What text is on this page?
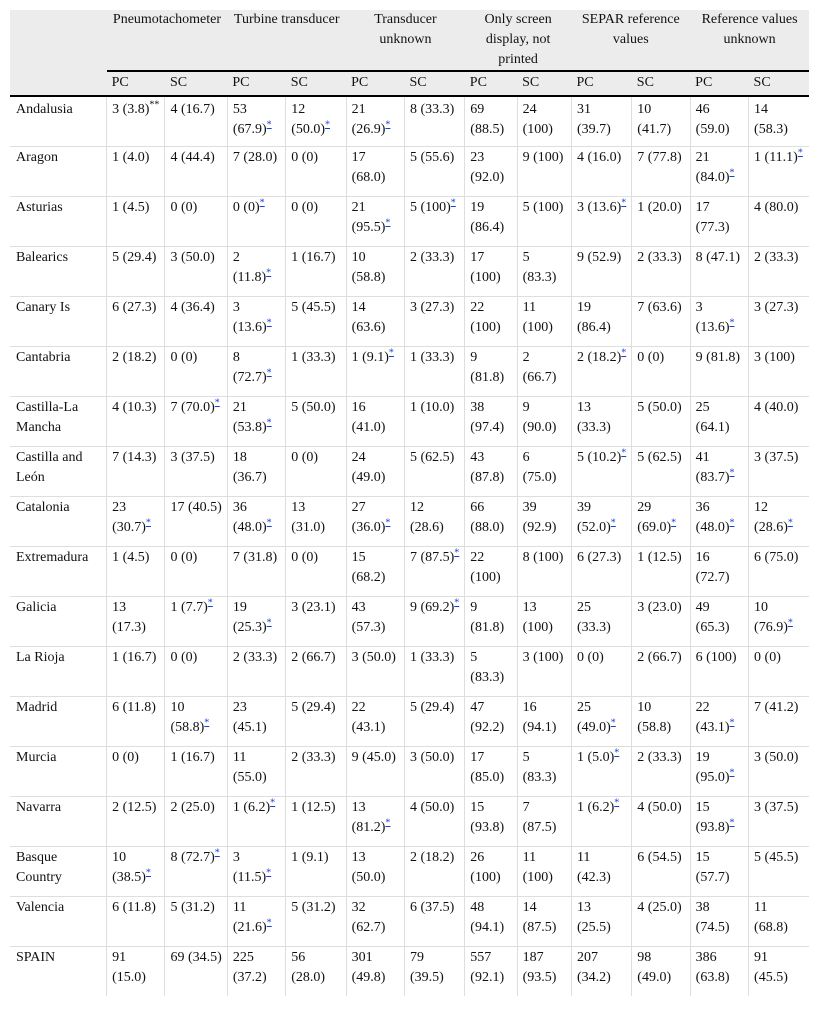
	Pneumotachometer		Turbine transducer		Transducer unknown		Only screen display, not printed		SEPAR reference values		Reference values unknown	
	PC	SC	PC	SC	PC	SC	PC	SC	PC	SC	PC	SC
Andalusia	3 (3.8)**	4 (16.7)	53 (67.9)*	12 (50.0)*	21 (26.9)*	8 (33.3)	69 (88.5)	24 (100)	31 (39.7)	10 (41.7)	46 (59.0)	14 (58.3)
Aragon	1 (4.0)	4 (44.4)	7 (28.0)	0 (0)	17 (68.0)	5 (55.6)	23 (92.0)	9 (100)	4 (16.0)	7 (77.8)	21 (84.0)*	1 (11.1)*
Asturias	1 (4.5)	0 (0)	0 (0)*	0 (0)	21 (95.5)*	5 (100)*	19 (86.4)	5 (100)	3 (13.6)*	1 (20.0)	17 (77.3)	4 (80.0)
Balearics	5 (29.4)	3 (50.0)	2 (11.8)*	1 (16.7)	10 (58.8)	2 (33.3)	17 (100)	5 (83.3)	9 (52.9)	2 (33.3)	8 (47.1)	2 (33.3)
Canary Is	6 (27.3)	4 (36.4)	3 (13.6)*	5 (45.5)	14 (63.6)	3 (27.3)	22 (100)	11 (100)	19 (86.4)	7 (63.6)	3 (13.6)*	3 (27.3)
Cantabria	2 (18.2)	0 (0)	8 (72.7)*	1 (33.3)	1 (9.1)*	1 (33.3)	9 (81.8)	2 (66.7)	2 (18.2)*	0 (0)	9 (81.8)	3 (100)
Castilla-La Mancha	4 (10.3)	7 (70.0)*	21 (53.8)*	5 (50.0)	16 (41.0)	1 (10.0)	38 (97.4)	9 (90.0)	13 (33.3)	5 (50.0)	25 (64.1)	4 (40.0)
Castilla and León	7 (14.3)	3 (37.5)	18 (36.7)	0 (0)	24 (49.0)	5 (62.5)	43 (87.8)	6 (75.0)	5 (10.2)*	5 (62.5)	41 (83.7)*	3 (37.5)
Catalonia	23 (30.7)*	17 (40.5)	36 (48.0)*	13 (31.0)	27 (36.0)*	12 (28.6)	66 (88.0)	39 (92.9)	39 (52.0)*	29 (69.0)*	36 (48.0)*	12 (28.6)*
Extremadura	1 (4.5)	0 (0)	7 (31.8)	0 (0)	15 (68.2)	7 (87.5)*	22 (100)	8 (100)	6 (27.3)	1 (12.5)	16 (72.7)	6 (75.0)
Galicia	13 (17.3)	1 (7.7)*	19 (25.3)*	3 (23.1)	43 (57.3)	9 (69.2)*	9 (81.8)	13 (100)	25 (33.3)	3 (23.0)	49 (65.3)	10 (76.9)*
La Rioja	1 (16.7)	0 (0)	2 (33.3)	2 (66.7)	3 (50.0)	1 (33.3)	5 (83.3)	3 (100)	0 (0)	2 (66.7)	6 (100)	0 (0)
Madrid	6 (11.8)	10 (58.8)*	23 (45.1)	5 (29.4)	22 (43.1)	5 (29.4)	47 (92.2)	16 (94.1)	25 (49.0)*	10 (58.8)	22 (43.1)*	7 (41.2)
Murcia	0 (0)	1 (16.7)	11 (55.0)	2 (33.3)	9 (45.0)	3 (50.0)	17 (85.0)	5 (83.3)	1 (5.0)*	2 (33.3)	19 (95.0)*	3 (50.0)
Navarra	2 (12.5)	2 (25.0)	1 (6.2)*	1 (12.5)	13 (81.2)*	4 (50.0)	15 (93.8)	7 (87.5)	1 (6.2)*	4 (50.0)	15 (93.8)*	3 (37.5)
Basque Country	10 (38.5)*	8 (72.7)*	3 (11.5)*	1 (9.1)	13 (50.0)	2 (18.2)	26 (100)	11 (100)	11 (42.3)	6 (54.5)	15 (57.7)	5 (45.5)
Valencia	6 (11.8)	5 (31.2)	11 (21.6)*	5 (31.2)	32 (62.7)	6 (37.5)	48 (94.1)	14 (87.5)	13 (25.5)	4 (25.0)	38 (74.5)	11 (68.8)
SPAIN	91 (15.0)	69 (34.5)	225 (37.2)	56 (28.0)	301 (49.8)	79 (39.5)	557 (92.1)	187 (93.5)	207 (34.2)	98 (49.0)	386 (63.8)	91 (45.5)
